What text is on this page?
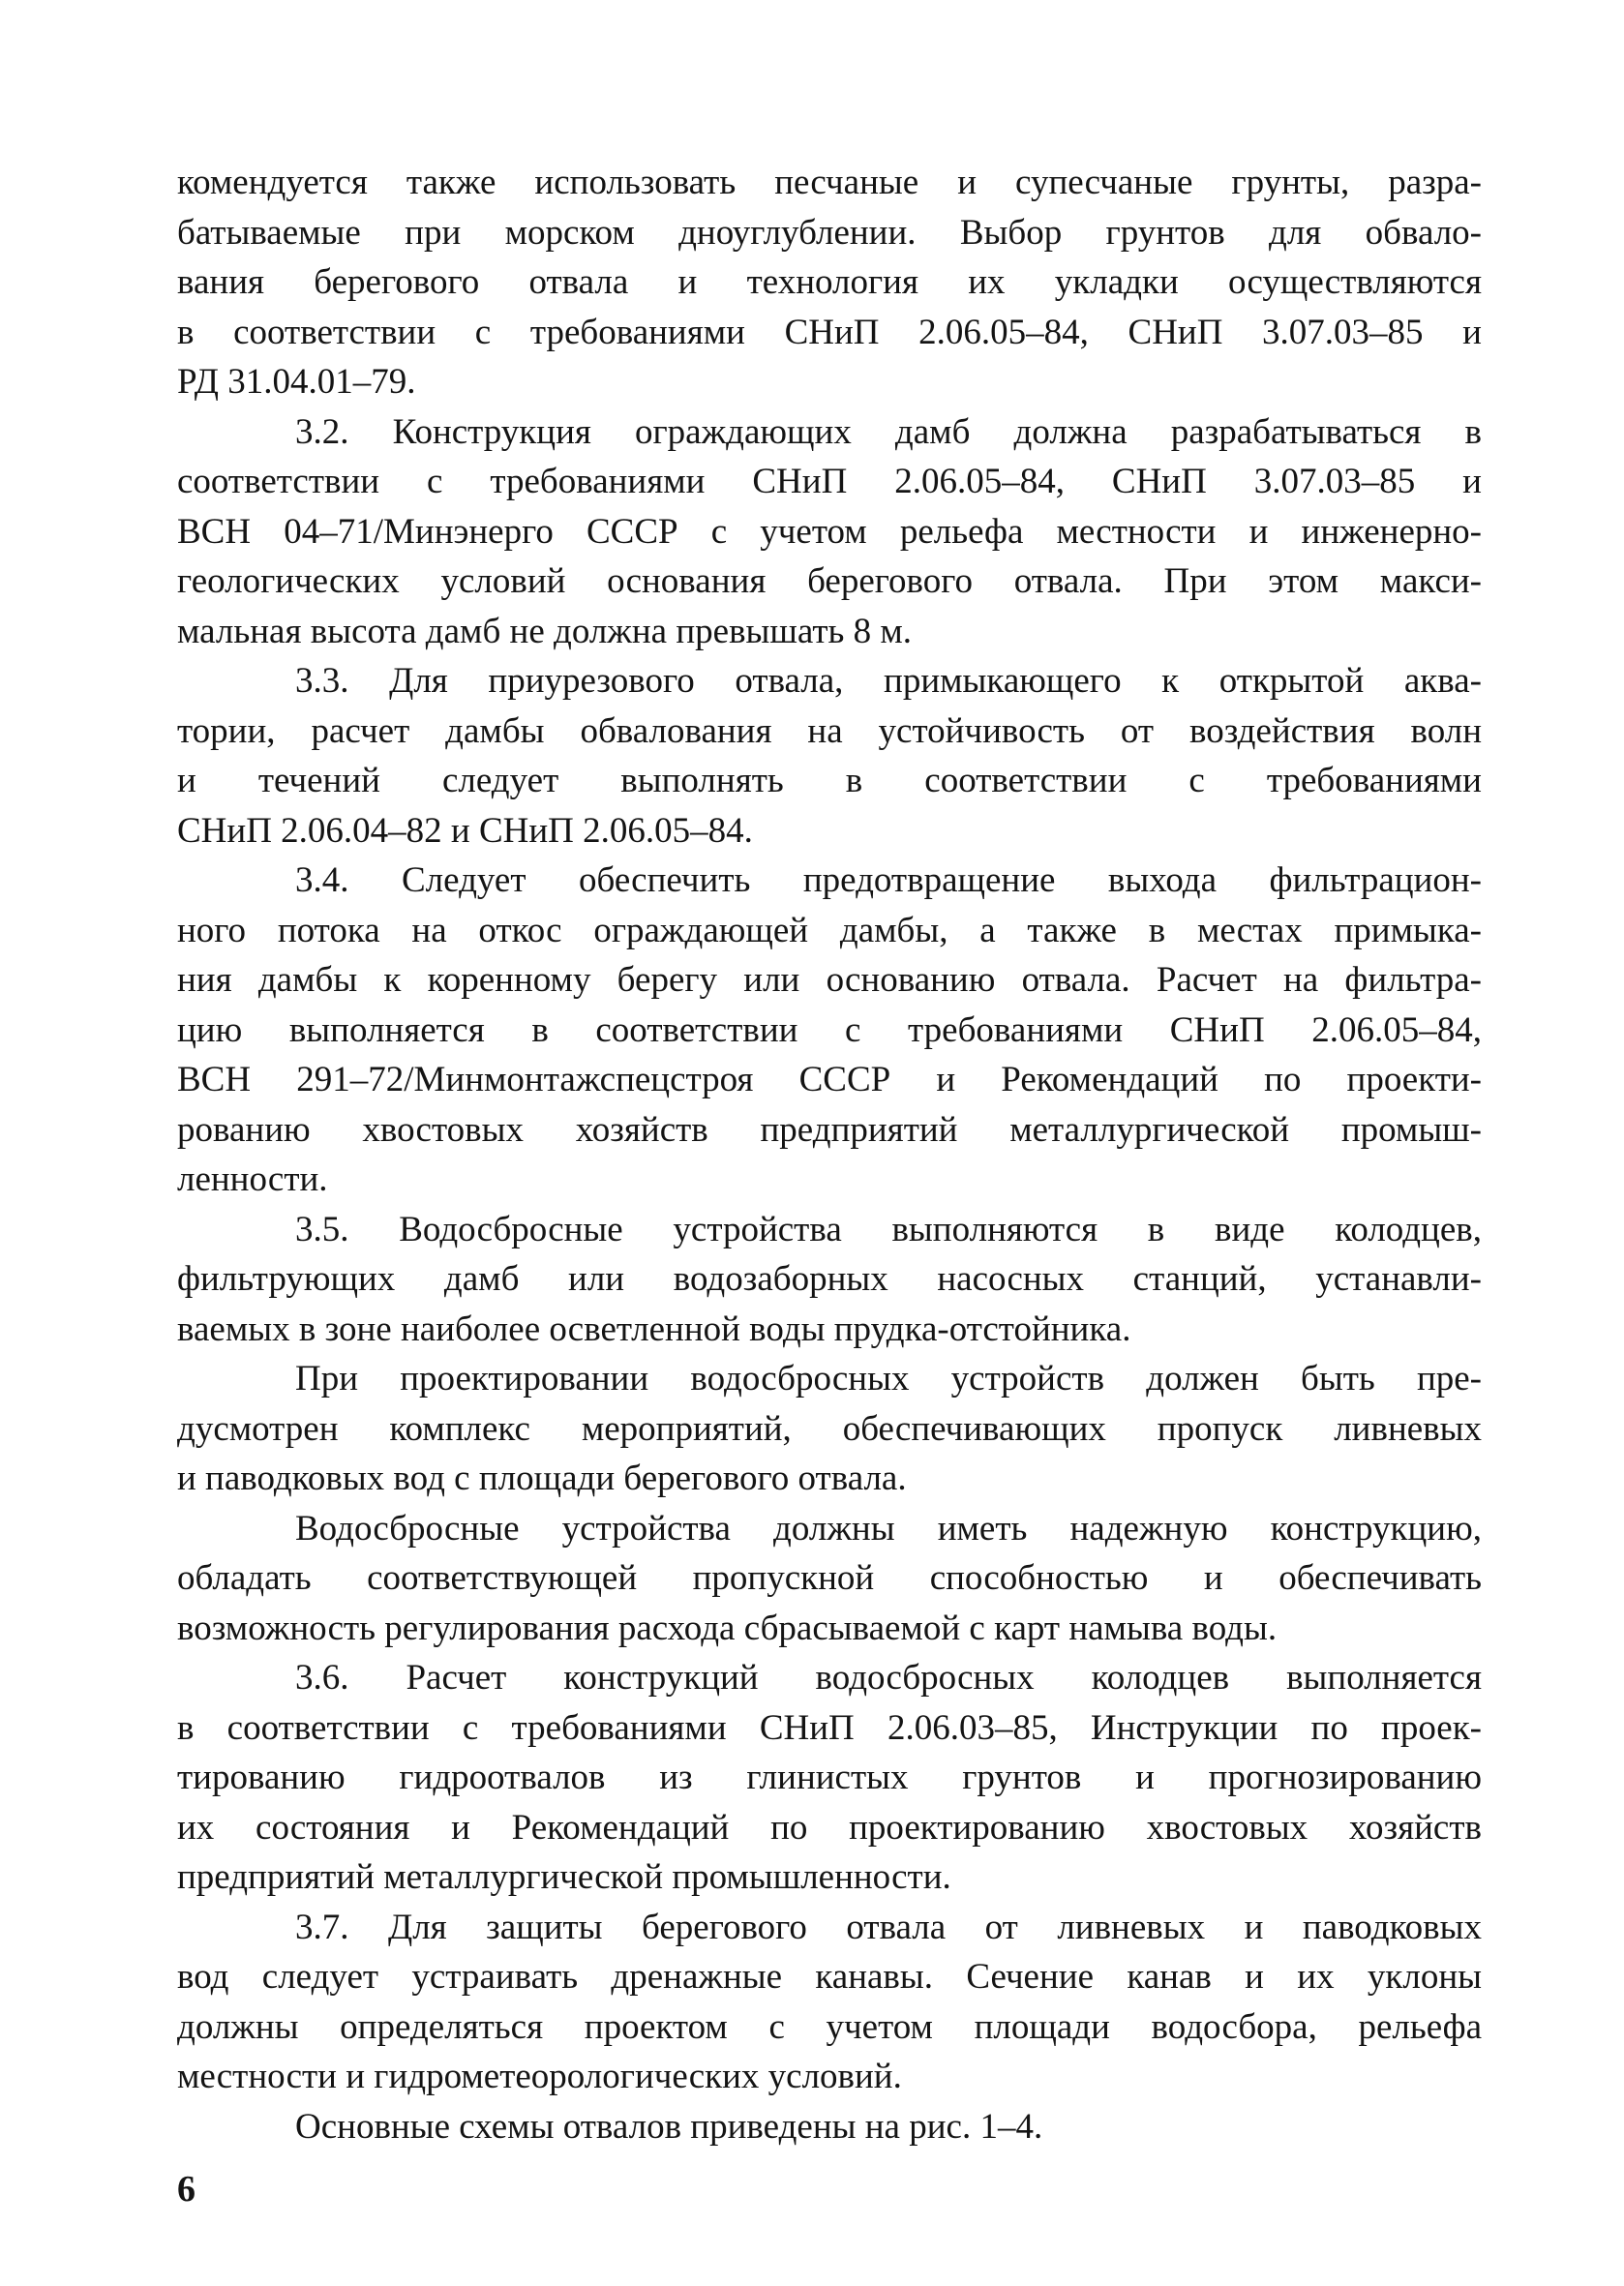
комендуется также использовать песчаные и супесчаные грунты, разра-
батываемые при морском дноуглублении. Выбор грунтов для обвало-
вания берегового отвала и технология их укладки осуществляются
в соответствии с требованиями СНиП 2.06.05–84, СНиП 3.07.03–85 и
РД 31.04.01–79.
3.2. Конструкция ограждающих дамб должна разрабатываться в
соответствии с требованиями СНиП 2.06.05–84, СНиП 3.07.03–85 и
ВСН 04–71/Минэнерго СССР с учетом рельефа местности и инженерно-
геологических условий основания берегового отвала. При этом макси-
мальная высота дамб не должна превышать 8 м.
3.3. Для приурезового отвала, примыкающего к открытой аква-
тории, расчет дамбы обвалования на устойчивость от воздействия волн
и течений следует выполнять в соответствии с требованиями
СНиП 2.06.04–82 и СНиП 2.06.05–84.
3.4. Следует обеспечить предотвращение выхода фильтрацион-
ного потока на откос ограждающей дамбы, а также в местах примыка-
ния дамбы к коренному берегу или основанию отвала. Расчет на фильтра-
цию выполняется в соответствии с требованиями СНиП 2.06.05–84,
ВСН 291–72/Минмонтажспецстроя СССР и Рекомендаций по проекти-
рованию хвостовых хозяйств предприятий металлургической промыш-
ленности.
3.5. Водосбросные устройства выполняются в виде колодцев,
фильтрующих дамб или водозаборных насосных станций, устанавли-
ваемых в зоне наиболее осветленной воды прудка-отстойника.
При проектировании водосбросных устройств должен быть пре-
дусмотрен комплекс мероприятий, обеспечивающих пропуск ливневых
и паводковых вод с площади берегового отвала.
Водосбросные устройства должны иметь надежную конструкцию,
обладать соответствующей пропускной способностью и обеспечивать
возможность регулирования расхода сбрасываемой с карт намыва воды.
3.6. Расчет конструкций водосбросных колодцев выполняется
в соответствии с требованиями СНиП 2.06.03–85, Инструкции по проек-
тированию гидроотвалов из глинистых грунтов и прогнозированию
их состояния и Рекомендаций по проектированию хвостовых хозяйств
предприятий металлургической промышленности.
3.7. Для защиты берегового отвала от ливневых и паводковых
вод следует устраивать дренажные канавы. Сечение канав и их уклоны
должны определяться проектом с учетом площади водосбора, рельефа
местности и гидрометеорологических условий.
Основные схемы отвалов приведены на рис. 1–4.
6
